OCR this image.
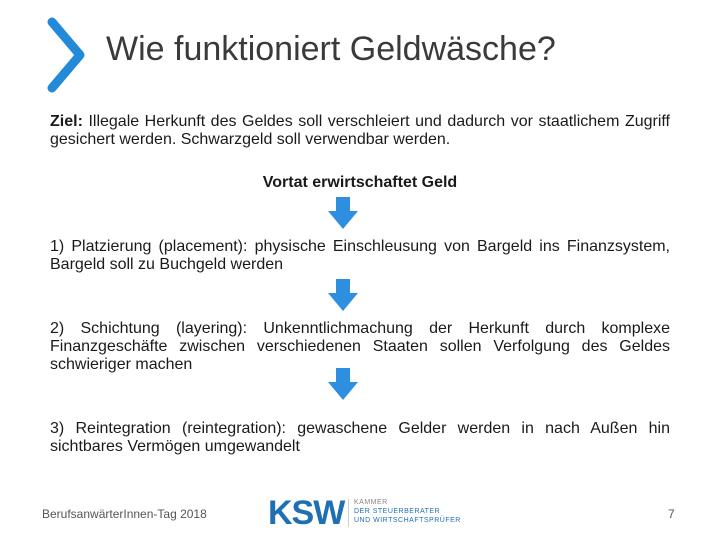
Wie funktioniert Geldwäsche?
Ziel: Illegale Herkunft des Geldes soll verschleiert und dadurch vor staatlichem Zugriff gesichert werden. Schwarzgeld soll verwendbar werden.
Vortat erwirtschaftet Geld
1) Platzierung (placement): physische Einschleusung von Bargeld ins Finanzsystem, Bargeld soll zu Buchgeld werden
2) Schichtung (layering): Unkenntlichmachung der Herkunft durch komplexe Finanzgeschäfte zwischen verschiedenen Staaten sollen Verfolgung des Geldes schwieriger machen
3) Reintegration (reintegration): gewaschene Gelder werden in nach Außen hin sichtbares Vermögen umgewandelt
BerufsanwärterInnen-Tag 2018 KSW KAMMER
DER STEUERBERATER
UND WIRTSCHAFTSPRÜFER	7
